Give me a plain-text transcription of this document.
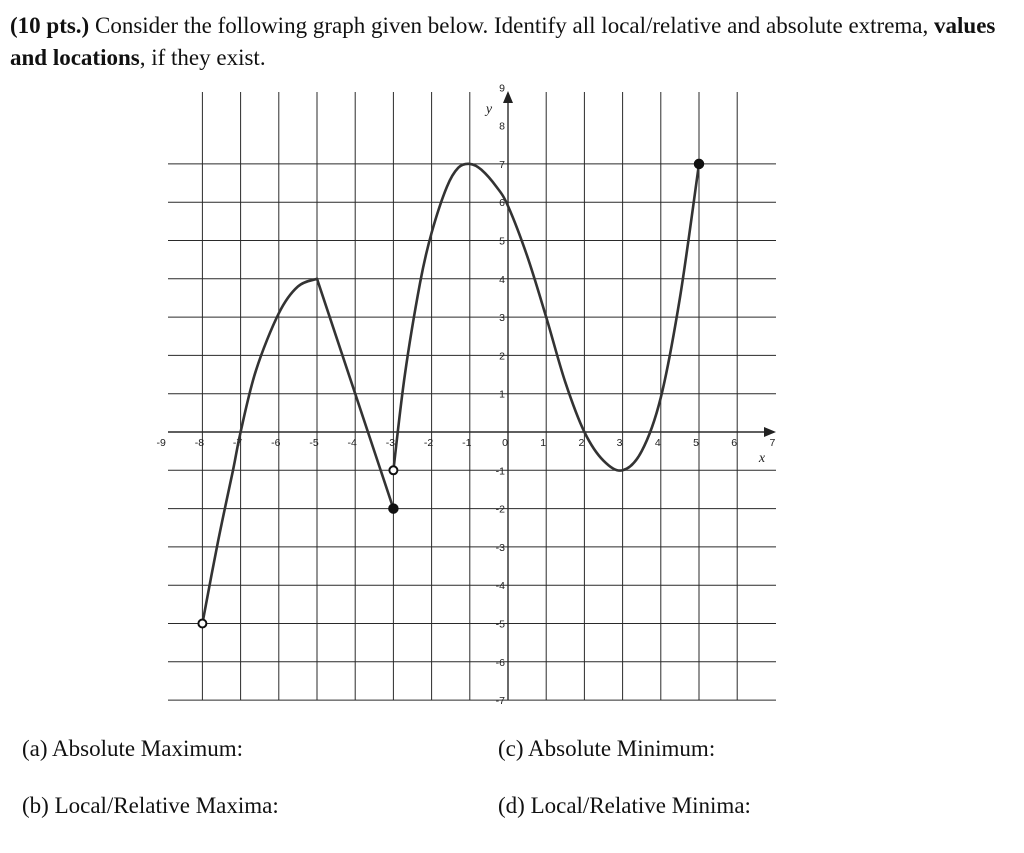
(10 pts.) Consider the following graph given below. Identify all local/relative and absolute extrema, values and locations, if they exist.

-9	-8	-7	-6	-5	-4	-3	-2	-1	0	1	2	3	4	5	6	7
-7
-6
-5
-4
-3
-2
-1
1
2
3
4
5
6
7
8
9
x
y
(a) Absolute Maximum:	(c) Absolute Minimum:
(b) Local/Relative Maxima:	(d) Local/Relative Minima:
